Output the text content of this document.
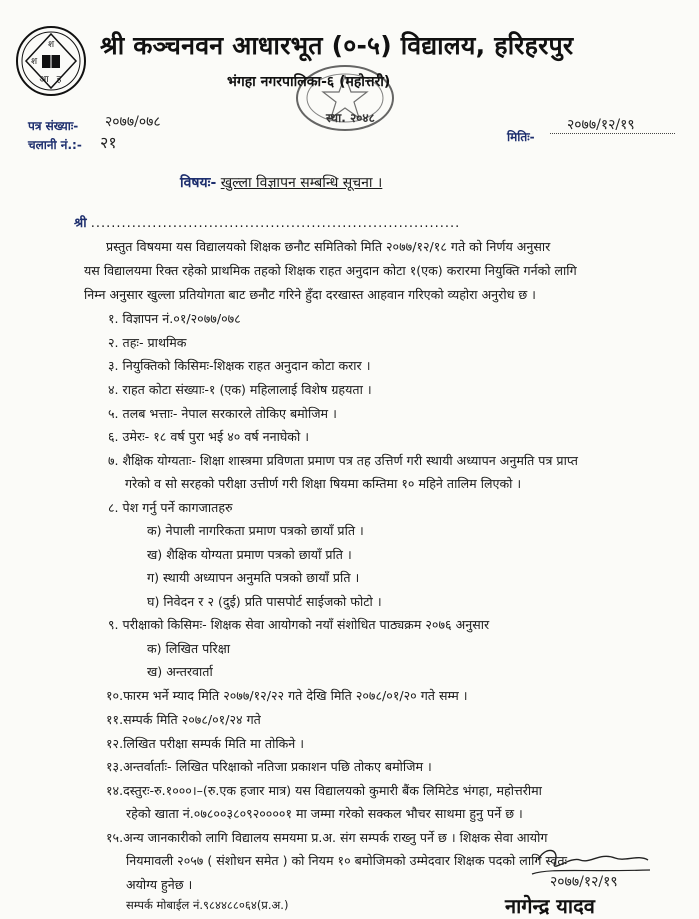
श
श
आ ह
श्री कञ्चनवन आधारभूत (०-५) विद्यालय, हरिहरपुर
भंगहा नगरपालिका-६ (महोत्तरी)
स्था. २०४८
पत्र संख्याः- २०७७/०७८
चलानी नं.:- २१	मितिः-
२०७७/१२/१९
विषयः- खुल्ला विज्ञापन सम्बन्धि सूचना ।
श्री ........................................................................
प्रस्तुत विषयमा यस विद्यालयको शिक्षक छनौट समितिको मिति २०७७/१२/१८ गते को निर्णय अनुसार
यस विद्यालयमा रिक्त रहेको प्राथमिक तहको शिक्षक राहत अनुदान कोटा १(एक) करारमा नियुक्ति गर्नको लागि
निम्न अनुसार खुल्ला प्रतियोगता बाट छनौट गरिने हुँदा दरखास्त आहवान गरिएको व्यहोरा अनुरोध छ ।
१. विज्ञापन नं.०१/२०७७/०७८
२. तहः- प्राथमिक
३. नियुक्तिको किसिमः-शिक्षक राहत अनुदान कोटा करार ।
४. राहत कोटा संख्याः-१ (एक) महिलालाई विशेष ग्रहयता ।
५. तलब भत्ताः- नेपाल सरकारले तोकिए बमोजिम ।
६. उमेरः- १८ वर्ष पुरा भई ४० वर्ष ननाघेको ।
७. शैक्षिक योग्यताः- शिक्षा शास्त्रमा प्रविणता प्रमाण पत्र तह उत्तिर्ण गरी स्थायी अध्यापन अनुमति पत्र प्राप्त
गरेको व सो सरहको परीक्षा उत्तीर्ण गरी शिक्षा षियमा कम्तिमा १० महिने तालिम लिएको ।
८. पेश गर्नु पर्ने कागजातहरु
क) नेपाली नागरिकता प्रमाण पत्रको छायाँ प्रति ।
ख) शैक्षिक योग्यता प्रमाण पत्रको छायाँ प्रति ।
ग) स्थायी अध्यापन अनुमति पत्रको छायाँ प्रति ।
घ) निवेदन र २ (दुई) प्रति पासपोर्ट साईजको फोटो ।
९. परीक्षाको किसिमः- शिक्षक सेवा आयोगको नयाँ संशोधित पाठ्यक्रम २०७६ अनुसार
क) लिखित परिक्षा
ख) अन्तरवार्ता
१०.फारम भर्ने म्याद मिति २०७७/१२/२२ गते देखि मिति २०७८/०१/२० गते सम्म ।
११.सम्पर्क मिति २०७८/०१/२४ गते
१२.लिखित परीक्षा सम्पर्क मिति मा तोकिने ।
१३.अन्तर्वार्ताः- लिखित परिक्षाको नतिजा प्रकाशन पछि तोकए बमोजिम ।
१४.दस्तुरः-रु.१०००।–(रु.एक हजार मात्र) यस विद्यालयको कुमारी बैंक लिमिटेड भंगहा, महोत्तरीमा
रहेको खाता नं.०७८००३८०९२००००१ मा जम्मा गरेको सक्कल भौचर साथमा हुनु पर्ने छ ।
१५.अन्य जानकारीको लागि विद्यालय समयमा प्र.अ. संग सम्पर्क राख्नु पर्ने छ । शिक्षक सेवा आयोग
नियमावली २०५७ ( संशोधन समेत ) को नियम १० बमोजिमको उम्मेदवार शिक्षक पदको लागि स्वतः
अयोग्य हुनेछ ।
सम्पर्क मोबाईल नं.९८४४८८०६४(प्र.अ.)
२०७७/१२/१९
नागेन्द्र यादव
